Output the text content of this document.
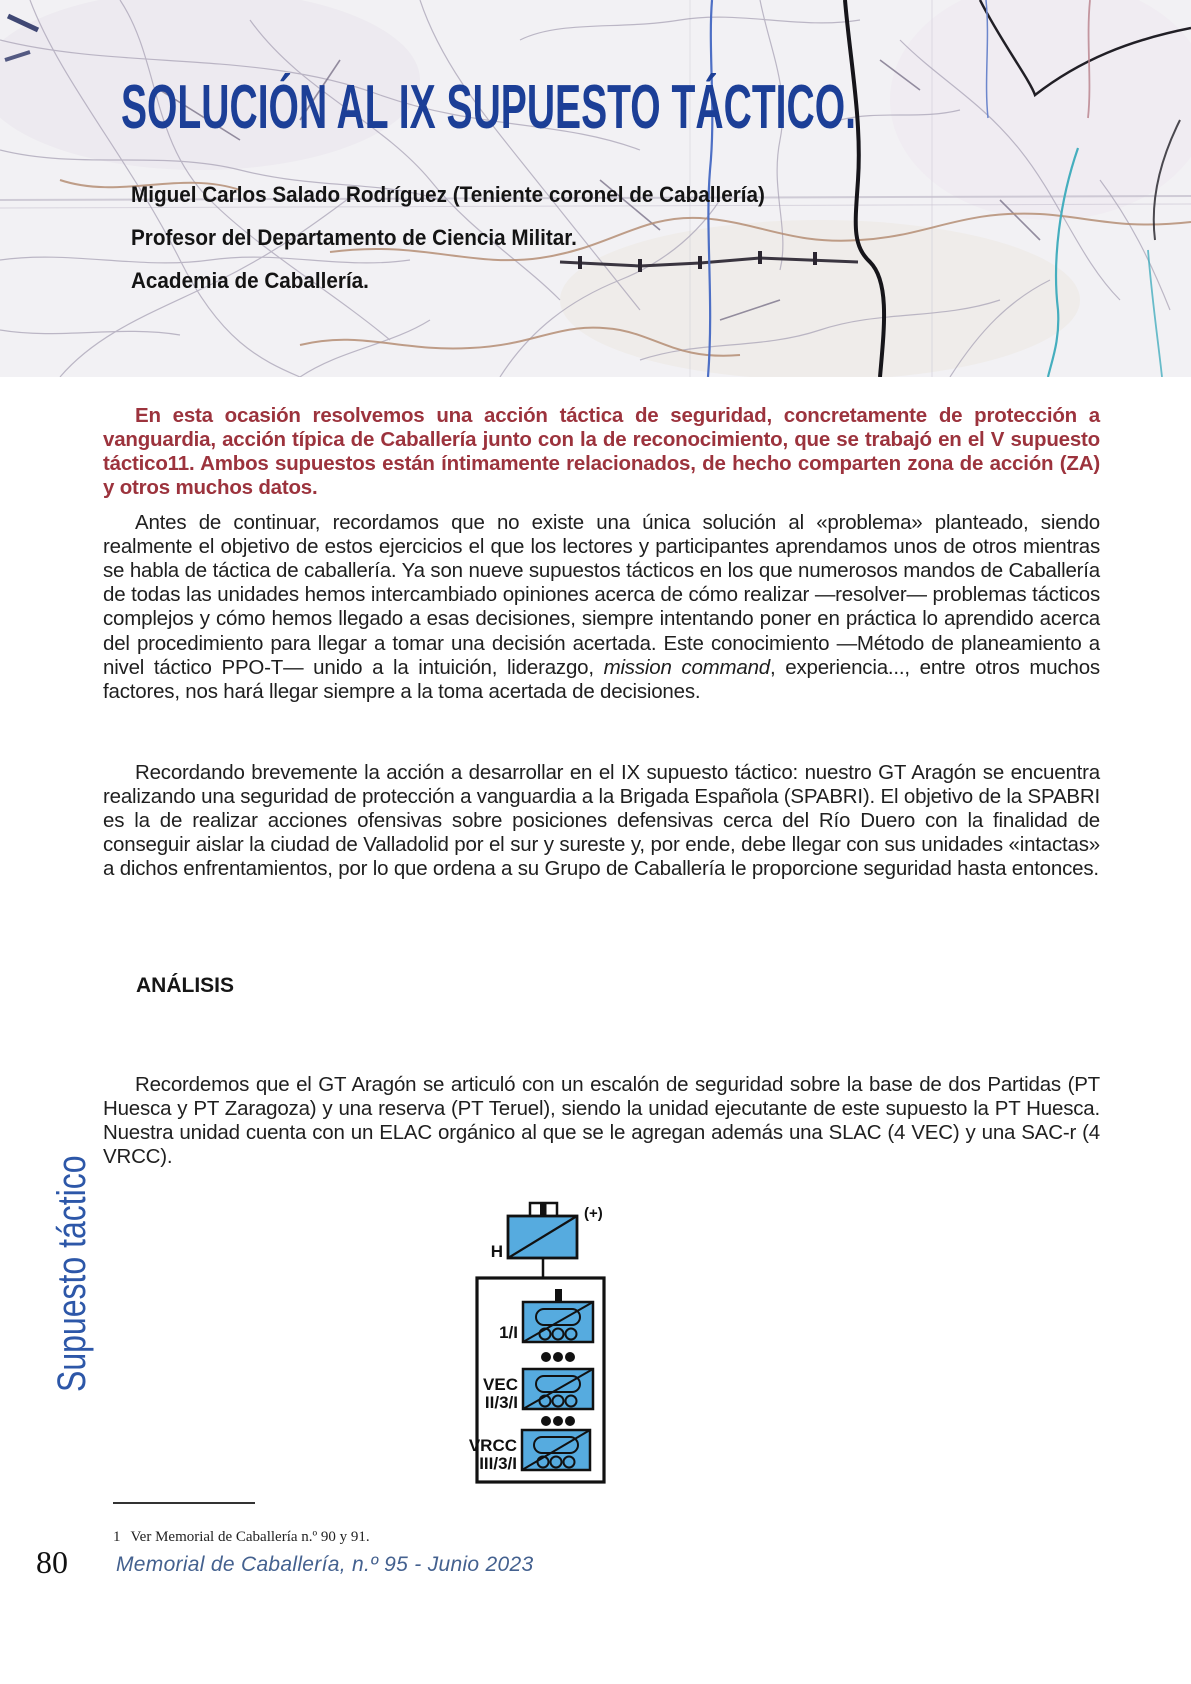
SOLUCIÓN AL IX SUPUESTO TÁCTICO.

Miguel Carlos Salado Rodríguez (Teniente coronel de Caballería)

Profesor del Departamento de Ciencia Militar.

Academia de Caballería.

En esta ocasión resolvemos una acción táctica de seguridad, concretamente de protección a vanguardia, acción típica de Caballería junto con la de reconocimiento, que se trabajó en el V supuesto táctico11. Ambos supuestos están íntimamente relacionados, de hecho comparten zona de acción (ZA) y otros muchos datos.

Antes de continuar, recordamos que no existe una única solución al «problema» planteado, siendo realmente el objetivo de estos ejercicios el que los lectores y participantes aprendamos unos de otros mientras se habla de táctica de caballería. Ya son nueve supuestos tácticos en los que numerosos mandos de Caballería de todas las unidades hemos intercambiado opiniones acerca de cómo realizar —resolver— problemas tácticos complejos y cómo hemos llegado a esas decisiones, siempre intentando poner en práctica lo aprendido acerca del procedimiento para llegar a tomar una decisión acertada. Este conocimiento —Método de planeamiento a nivel táctico PPO-T— unido a la intuición, liderazgo, mission command, experiencia..., entre otros muchos factores, nos hará llegar siempre a la toma acertada de decisiones.

Recordando brevemente la acción a desarrollar en el IX supuesto táctico: nuestro GT Aragón se encuentra realizando una seguridad de protección a vanguardia a la Brigada Española (SPABRI). El objetivo de la SPABRI es la de realizar acciones ofensivas sobre posiciones defensivas cerca del Río Duero con la finalidad de conseguir aislar la ciudad de Valladolid por el sur y sureste y, por ende, debe llegar con sus unidades «intactas» a dichos enfrentamientos, por lo que ordena a su Grupo de Caballería le proporcione seguridad hasta entonces.

ANÁLISIS

Recordemos que el GT Aragón se articuló con un escalón de seguridad sobre la base de dos Partidas (PT Huesca y PT Zaragoza) y una reserva (PT Teruel), siendo la unidad ejecutante de este supuesto la PT Huesca. Nuestra unidad cuenta con un ELAC orgánico al que se le agregan además una SLAC (4 VEC) y una SAC-r (4 VRCC).

H
(+)
1/I
VEC
II/3/I
VRCC
III/3/I

Supuesto táctico

1 Ver Memorial de Caballería n.º 90 y 91.

80 Memorial de Caballería, n.º 95 - Junio 2023
